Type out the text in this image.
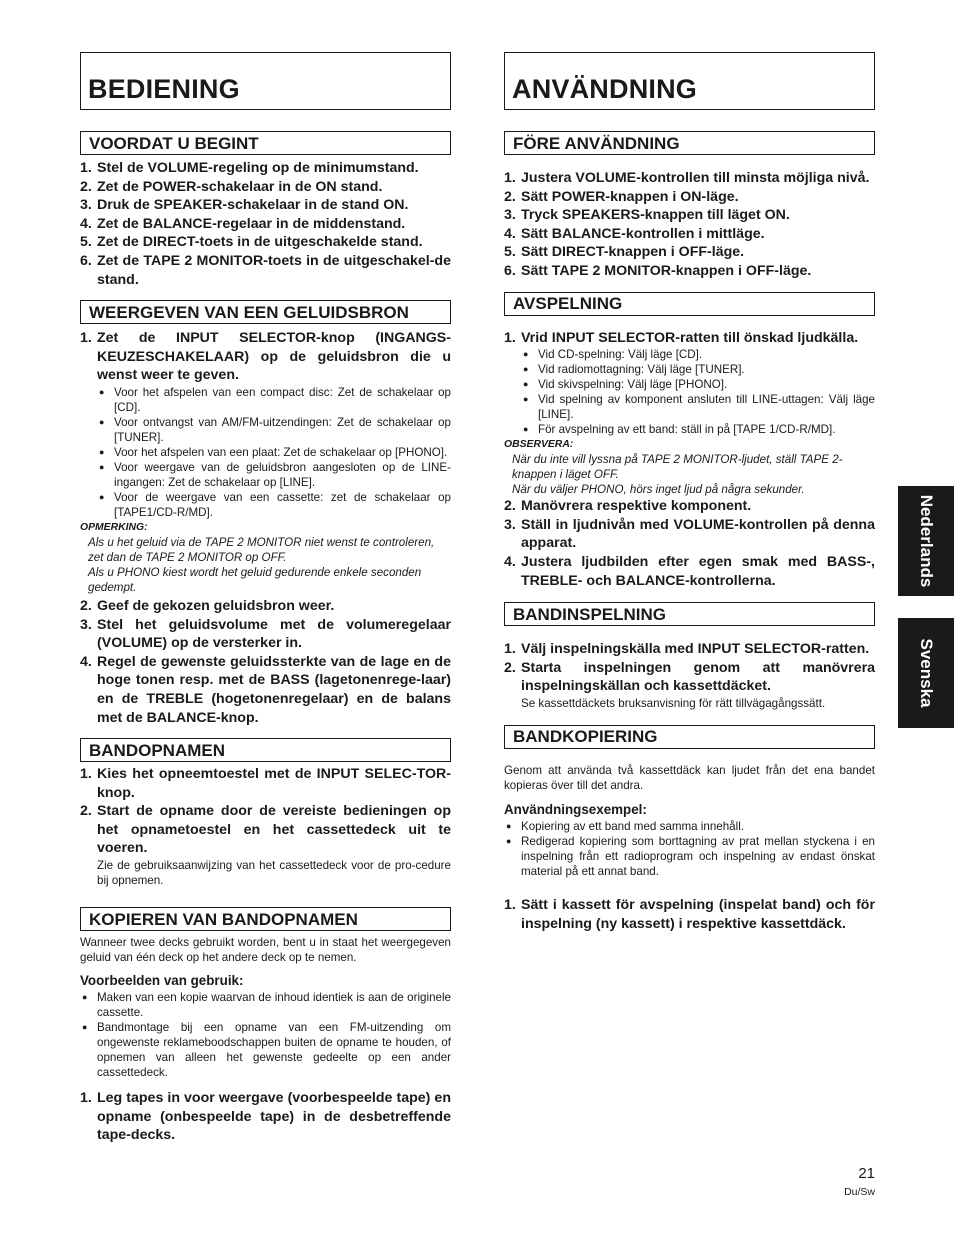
BEDIENING
VOORDAT U BEGINT
1. Stel de VOLUME-regeling op de minimumstand.
2. Zet de POWER-schakelaar in de ON stand.
3. Druk de SPEAKER-schakelaar in de stand ON.
4. Zet de BALANCE-regelaar in de middenstand.
5. Zet de DIRECT-toets in de uitgeschakelde stand.
6. Zet de TAPE 2 MONITOR-toets in de uitgeschakel-de stand.
WEERGEVEN VAN EEN GELUIDSBRON
1. Zet de INPUT SELECTOR-knop (INGANGS-KEUZESCHAKELAAR) op de geluidsbron die u wenst weer te geven.
● Voor het afspelen van een compact disc: Zet de schakelaar op [CD].
● Voor ontvangst van AM/FM-uitzendingen: Zet de schakelaar op [TUNER].
● Voor het afspelen van een plaat: Zet de schakelaar op [PHONO].
● Voor weergave van de geluidsbron aangesloten op de LINE- ingangen: Zet de schakelaar op [LINE].
● Voor de weergave van een cassette: zet de schakelaar op [TAPE1/CD-R/MD].
OPMERKING:
Als u het geluid via de TAPE 2 MONITOR niet wenst te controleren, zet dan de TAPE 2 MONITOR op OFF.
Als u PHONO kiest wordt het geluid gedurende enkele seconden gedempt.
2. Geef de gekozen geluidsbron weer.
3. Stel het geluidsvolume met de volumeregelaar (VOLUME) op de versterker in.
4. Regel de gewenste geluidssterkte van de lage en de hoge tonen resp. met de BASS (lagetonenrege-laar) en de TREBLE (hogetonenregelaar) en de balans met de BALANCE-knop.
BANDOPNAMEN
1. Kies het opneemtoestel met de INPUT SELEC-TOR-knop.
2. Start de opname door de vereiste bedieningen op het opnametoestel en het cassettedeck uit te voeren.
Zie de gebruiksaanwijzing van het cassettedeck voor de pro-cedure bij opnemen.
KOPIEREN VAN BANDOPNAMEN
Wanneer twee decks gebruikt worden, bent u in staat het weergegeven geluid van één deck op het andere deck op te nemen.
Voorbeelden van gebruik:
● Maken van een kopie waarvan de inhoud identiek is aan de originele cassette.
● Bandmontage bij een opname van een FM-uitzending om ongewenste reklameboodschappen buiten de opname te houden, of opnemen van alleen het gewenste gedeelte op een ander cassettedeck.
1. Leg tapes in voor weergave (voorbespeelde tape) en opname (onbespeelde tape) in de desbetreffende tape-decks.
ANVÄNDNING
FÖRE ANVÄNDNING
1. Justera VOLUME-kontrollen till minsta möjliga nivå.
2. Sätt POWER-knappen i ON-läge.
3. Tryck SPEAKERS-knappen till läget ON.
4. Sätt BALANCE-kontrollen i mittläge.
5. Sätt DIRECT-knappen i OFF-läge.
6. Sätt TAPE 2 MONITOR-knappen i OFF-läge.
AVSPELNING
1. Vrid INPUT SELECTOR-ratten till önskad ljudkälla.
● Vid CD-spelning: Välj läge [CD].
● Vid radiomottagning: Välj läge [TUNER].
● Vid skivspelning: Välj läge [PHONO].
● Vid spelning av komponent ansluten till LINE-uttagen: Välj läge [LINE].
● För avspelning av ett band: ställ in på [TAPE 1/CD-R/MD].
OBSERVERA:
När du inte vill lyssna på TAPE 2 MONITOR-ljudet, ställ TAPE 2-knappen i läget OFF.
När du väljer PHONO, hörs inget ljud på några sekunder.
2. Manövrera respektive komponent.
3. Ställ in ljudnivån med VOLUME-kontrollen på denna apparat.
4. Justera ljudbilden efter egen smak med BASS-, TREBLE- och BALANCE-kontrollerna.
BANDINSPELNING
1. Välj inspelningskälla med INPUT SELECTOR-ratten.
2. Starta inspelningen genom att manövrera inspelningskällan och kassettdäcket.
Se kassettdäckets bruksanvisning för rätt tillvägagångssätt.
BANDKOPIERING
Genom att använda två kassettdäck kan ljudet från det ena bandet kopieras över till det andra.
Användningsexempel:
● Kopiering av ett band med samma innehåll.
● Redigerad kopiering som borttagning av prat mellan styckena i en inspelning från ett radioprogram och inspelning av endast önskat material på ett annat band.
1. Sätt i kassett för avspelning (inspelat band) och för inspelning (ny kassett) i respektive kassettdäck.
Nederlands
Svenska
21
Du/Sw
